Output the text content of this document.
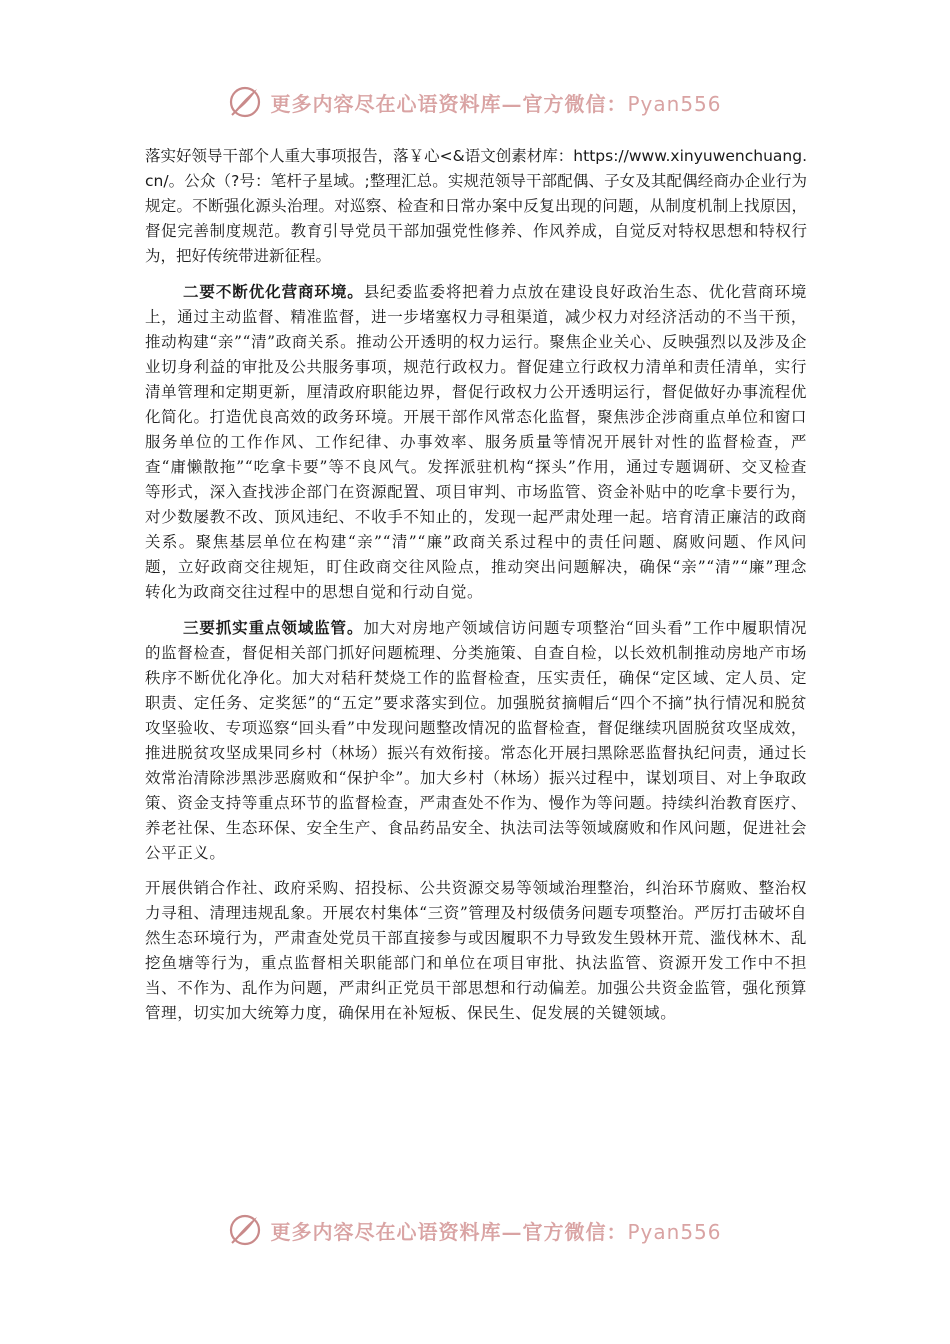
更多内容尽在心语资料库—官方微信：Pyan556

落实好领导干部个人重大事项报告，落￥心<&语文创素材库：https://www.xinyuwenchuang.cn/。公众（?号：笔杆子星域。;整理汇总。实规范领导干部配偶、子女及其配偶经商办企业行为规定。不断强化源头治理。对巡察、检查和日常办案中反复出现的问题，从制度机制上找原因，督促完善制度规范。教育引导党员干部加强党性修养、作风养成，自觉反对特权思想和特权行为，把好传统带进新征程。

二要不断优化营商环境。县纪委监委将把着力点放在建设良好政治生态、优化营商环境上，通过主动监督、精准监督，进一步堵塞权力寻租渠道，减少权力对经济活动的不当干预，推动构建“亲”“清”政商关系。推动公开透明的权力运行。聚焦企业关心、反映强烈以及涉及企业切身利益的审批及公共服务事项，规范行政权力。督促建立行政权力清单和责任清单，实行清单管理和定期更新，厘清政府职能边界，督促行政权力公开透明运行，督促做好办事流程优化简化。打造优良高效的政务环境。开展干部作风常态化监督，聚焦涉企涉商重点单位和窗口服务单位的工作作风、工作纪律、办事效率、服务质量等情况开展针对性的监督检查，严查“庸懒散拖”“吃拿卡要”等不良风气。发挥派驻机构“探头”作用，通过专题调研、交叉检查等形式，深入查找涉企部门在资源配置、项目审判、市场监管、资金补贴中的吃拿卡要行为，对少数屡教不改、顶风违纪、不收手不知止的，发现一起严肃处理一起。培育清正廉洁的政商关系。聚焦基层单位在构建“亲”“清”“廉”政商关系过程中的责任问题、腐败问题、作风问题，立好政商交往规矩，盯住政商交往风险点，推动突出问题解决，确保“亲”“清”“廉”理念转化为政商交往过程中的思想自觉和行动自觉。

三要抓实重点领域监管。加大对房地产领域信访问题专项整治“回头看”工作中履职情况的监督检查，督促相关部门抓好问题梳理、分类施策、自查自检，以长效机制推动房地产市场秩序不断优化净化。加大对秸秆焚烧工作的监督检查，压实责任，确保“定区域、定人员、定职责、定任务、定奖惩”的“五定”要求落实到位。加强脱贫摘帽后“四个不摘”执行情况和脱贫攻坚验收、专项巡察“回头看”中发现问题整改情况的监督检查，督促继续巩固脱贫攻坚成效，推进脱贫攻坚成果同乡村（林场）振兴有效衔接。常态化开展扫黑除恶监督执纪问责，通过长效常治清除涉黑涉恶腐败和“保护伞”。加大乡村（林场）振兴过程中，谋划项目、对上争取政策、资金支持等重点环节的监督检查，严肃查处不作为、慢作为等问题。持续纠治教育医疗、养老社保、生态环保、安全生产、食品药品安全、执法司法等领域腐败和作风问题，促进社会公平正义。

开展供销合作社、政府采购、招投标、公共资源交易等领域治理整治，纠治环节腐败、整治权力寻租、清理违规乱象。开展农村集体“三资”管理及村级债务问题专项整治。严厉打击破坏自然生态环境行为，严肃查处党员干部直接参与或因履职不力导致发生毁林开荒、滥伐林木、乱挖鱼塘等行为，重点监督相关职能部门和单位在项目审批、执法监管、资源开发工作中不担当、不作为、乱作为问题，严肃纠正党员干部思想和行动偏差。加强公共资金监管，强化预算管理，切实加大统筹力度，确保用在补短板、保民生、促发展的关键领域。

更多内容尽在心语资料库—官方微信：Pyan556
